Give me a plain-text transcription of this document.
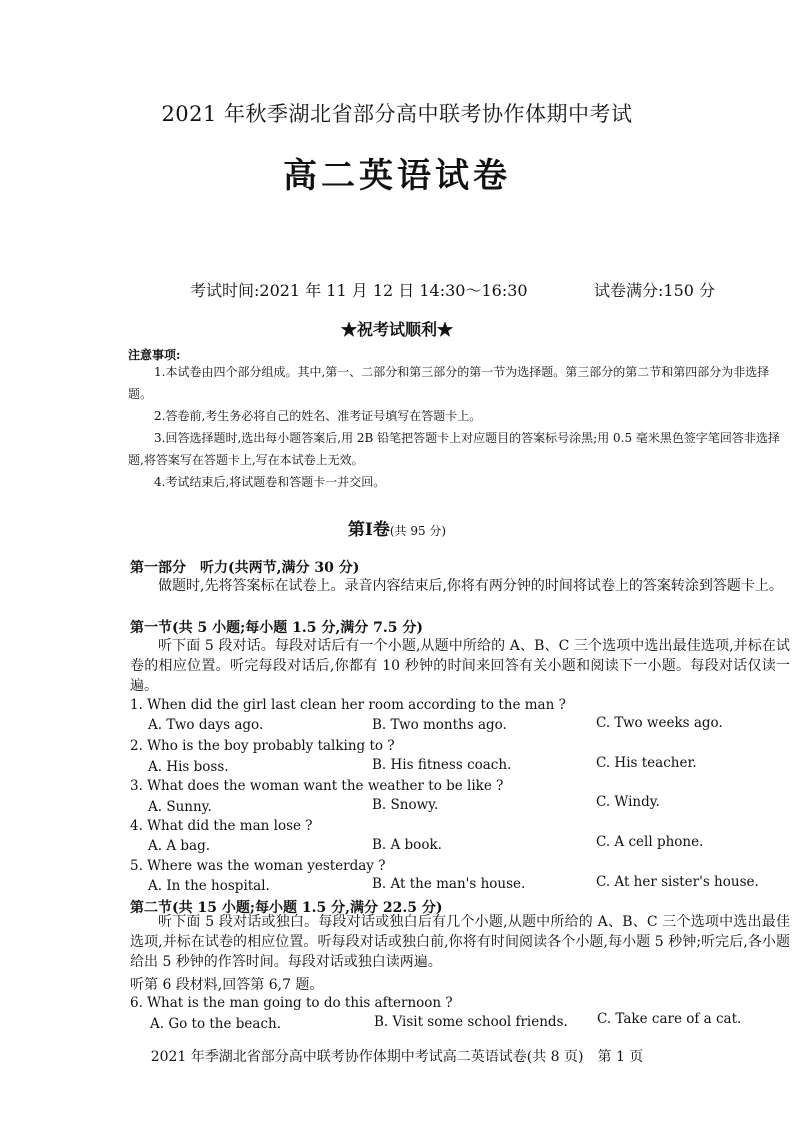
2021 年秋季湖北省部分高中联考协作体期中考试
高二英语试卷
考试时间:2021 年 11 月 12 日 14:30～16:30	试卷满分:150 分
★祝考试顺利★
注意事项:
1.本试卷由四个部分组成。其中,第一、二部分和第三部分的第一节为选择题。第三部分的第二节和第四部分为非选择题。
2.答卷前,考生务必将自己的姓名、准考证号填写在答题卡上。
3.回答选择题时,选出每小题答案后,用 2B 铅笔把答题卡上对应题目的答案标号涂黑;用 0.5 毫米黑色签字笔回答非选择题,将答案写在答题卡上,写在本试卷上无效。
4.考试结束后,将试题卷和答题卡一并交回。
第Ⅰ卷(共 95 分)
第一部分　听力(共两节,满分 30 分)
做题时,先将答案标在试卷上。录音内容结束后,你将有两分钟的时间将试卷上的答案转涂到答题卡上。
第一节(共 5 小题;每小题 1.5 分,满分 7.5 分)
听下面 5 段对话。每段对话后有一个小题,从题中所给的 A、B、C 三个选项中选出最佳选项,并标在试卷的相应位置。听完每段对话后,你都有 10 秒钟的时间来回答有关小题和阅读下一小题。每段对话仅读一遍。
1. When did the girl last clean her room according to the man ?
A. Two days ago.	B. Two months ago.	C. Two weeks ago.
2. Who is the boy probably talking to ?
A. His boss.	B. His fitness coach.	C. His teacher.
3. What does the woman want the weather to be like ?
A. Sunny.	B. Snowy.	C. Windy.
4. What did the man lose ?
A. A bag.	B. A book.	C. A cell phone.
5. Where was the woman yesterday ?
A. In the hospital.	B. At the man's house.	C. At her sister's house.
第二节(共 15 小题;每小题 1.5 分,满分 22.5 分)
听下面 5 段对话或独白。每段对话或独白后有几个小题,从题中所给的 A、B、C 三个选项中选出最佳选项,并标在试卷的相应位置。听每段对话或独白前,你将有时间阅读各个小题,每小题 5 秒钟;听完后,各小题给出 5 秒钟的作答时间。每段对话或独白读两遍。
听第 6 段材料,回答第 6,7 题。
6. What is the man going to do this afternoon ?
A. Go to the beach.	B. Visit some school friends. C. Take care of a cat.
2021 年季湖北省部分高中联考协作体期中考试高二英语试卷(共 8 页)　第 1 页
